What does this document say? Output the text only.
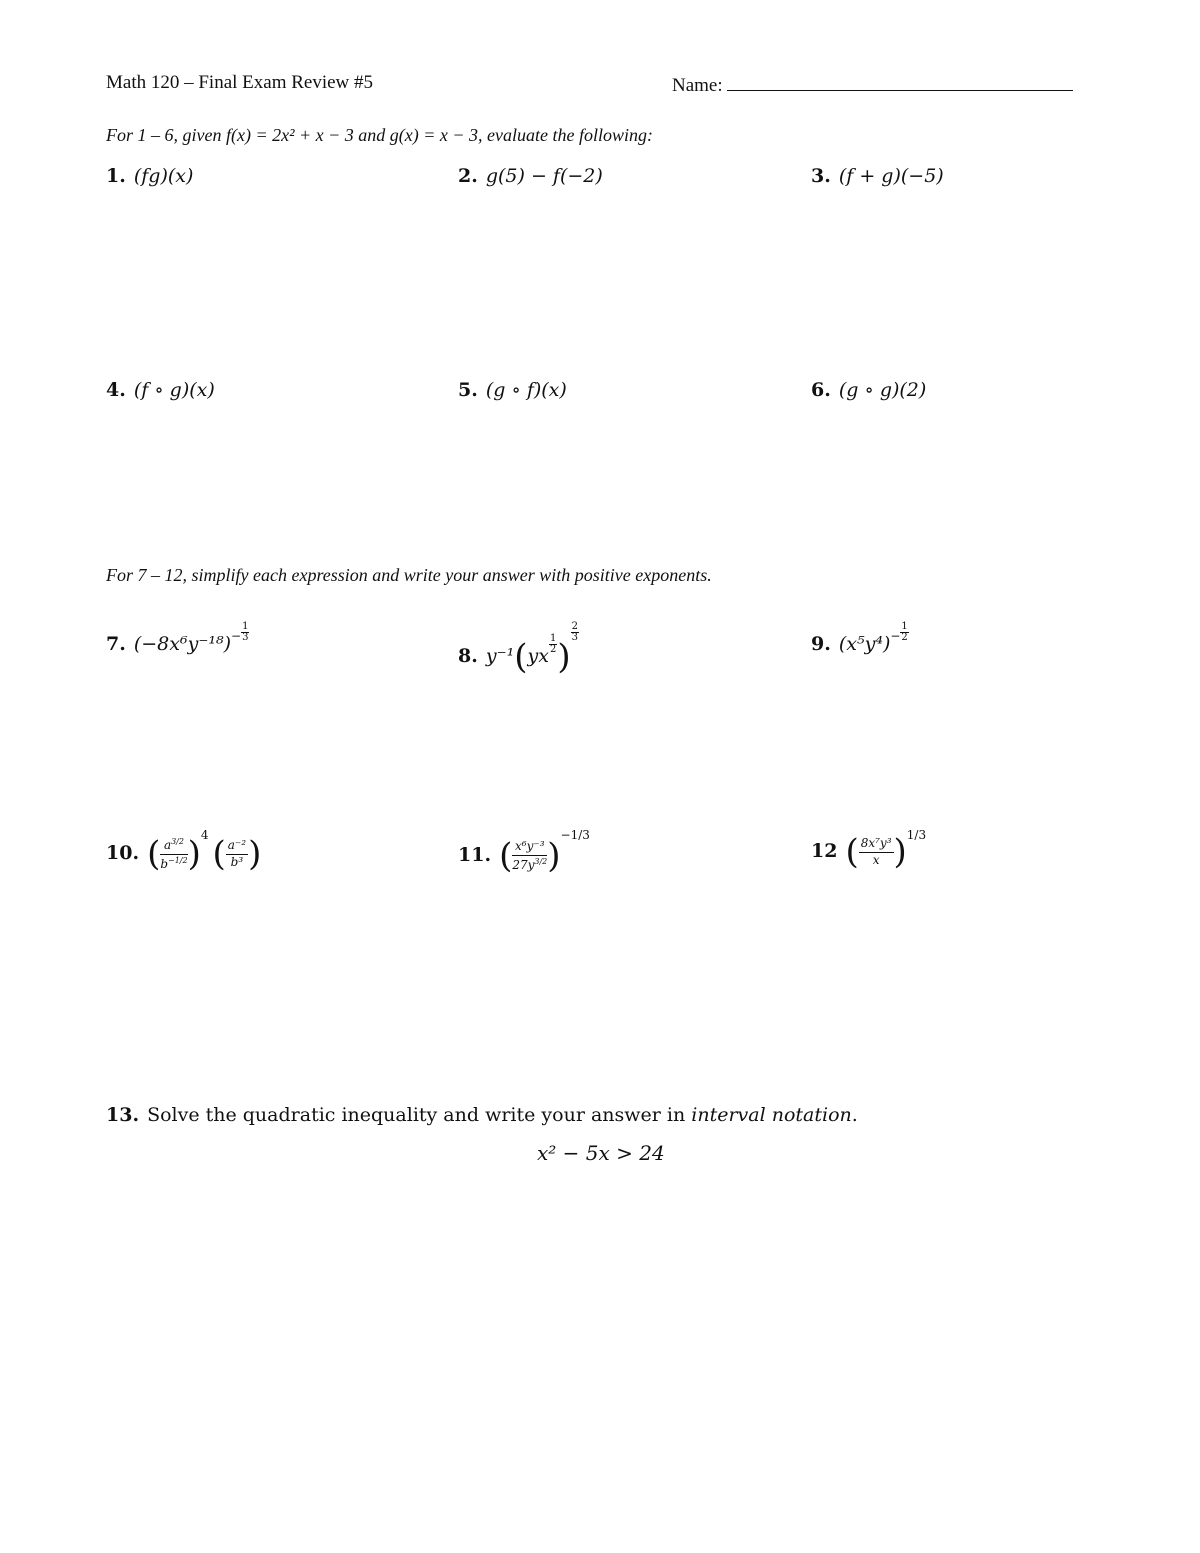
Math 120 – Final Exam Review #5	Name:
For 1 – 6, given f(x) = 2x² + x − 3 and g(x) = x − 3, evaluate the following:
1. (fg)(x)	2. g(5) − f(−2)	3. (f + g)(−5)
4. (f ∘ g)(x)	5. (g ∘ f)(x)	6. (g ∘ g)(2)
For 7 – 12, simplify each expression and write your answer with positive exponents.
7. $(-8x^6y^{-18})^- \frac{1}{3}$
8. y⁻¹(yx
$\frac{1}{2}$ )
$\frac{2}{3}$
9. $(x^5y^4)^- \frac{1}{2}$
10. ( $\frac{a^{3/2}}{b^{-1/2}} )^4$ ( $\frac{\text{a⁻²}}{\text{b³}}$ )	11. ( $\frac{\text{x⁶y⁻³}}{27y^{3/2}} )^{-1/3}$
12 ( $\frac{\text{8x⁷y³}}{x} )^{1/3}$
13. Solve the quadratic inequality and write your answer in interval notation.
x² − 5x > 24
